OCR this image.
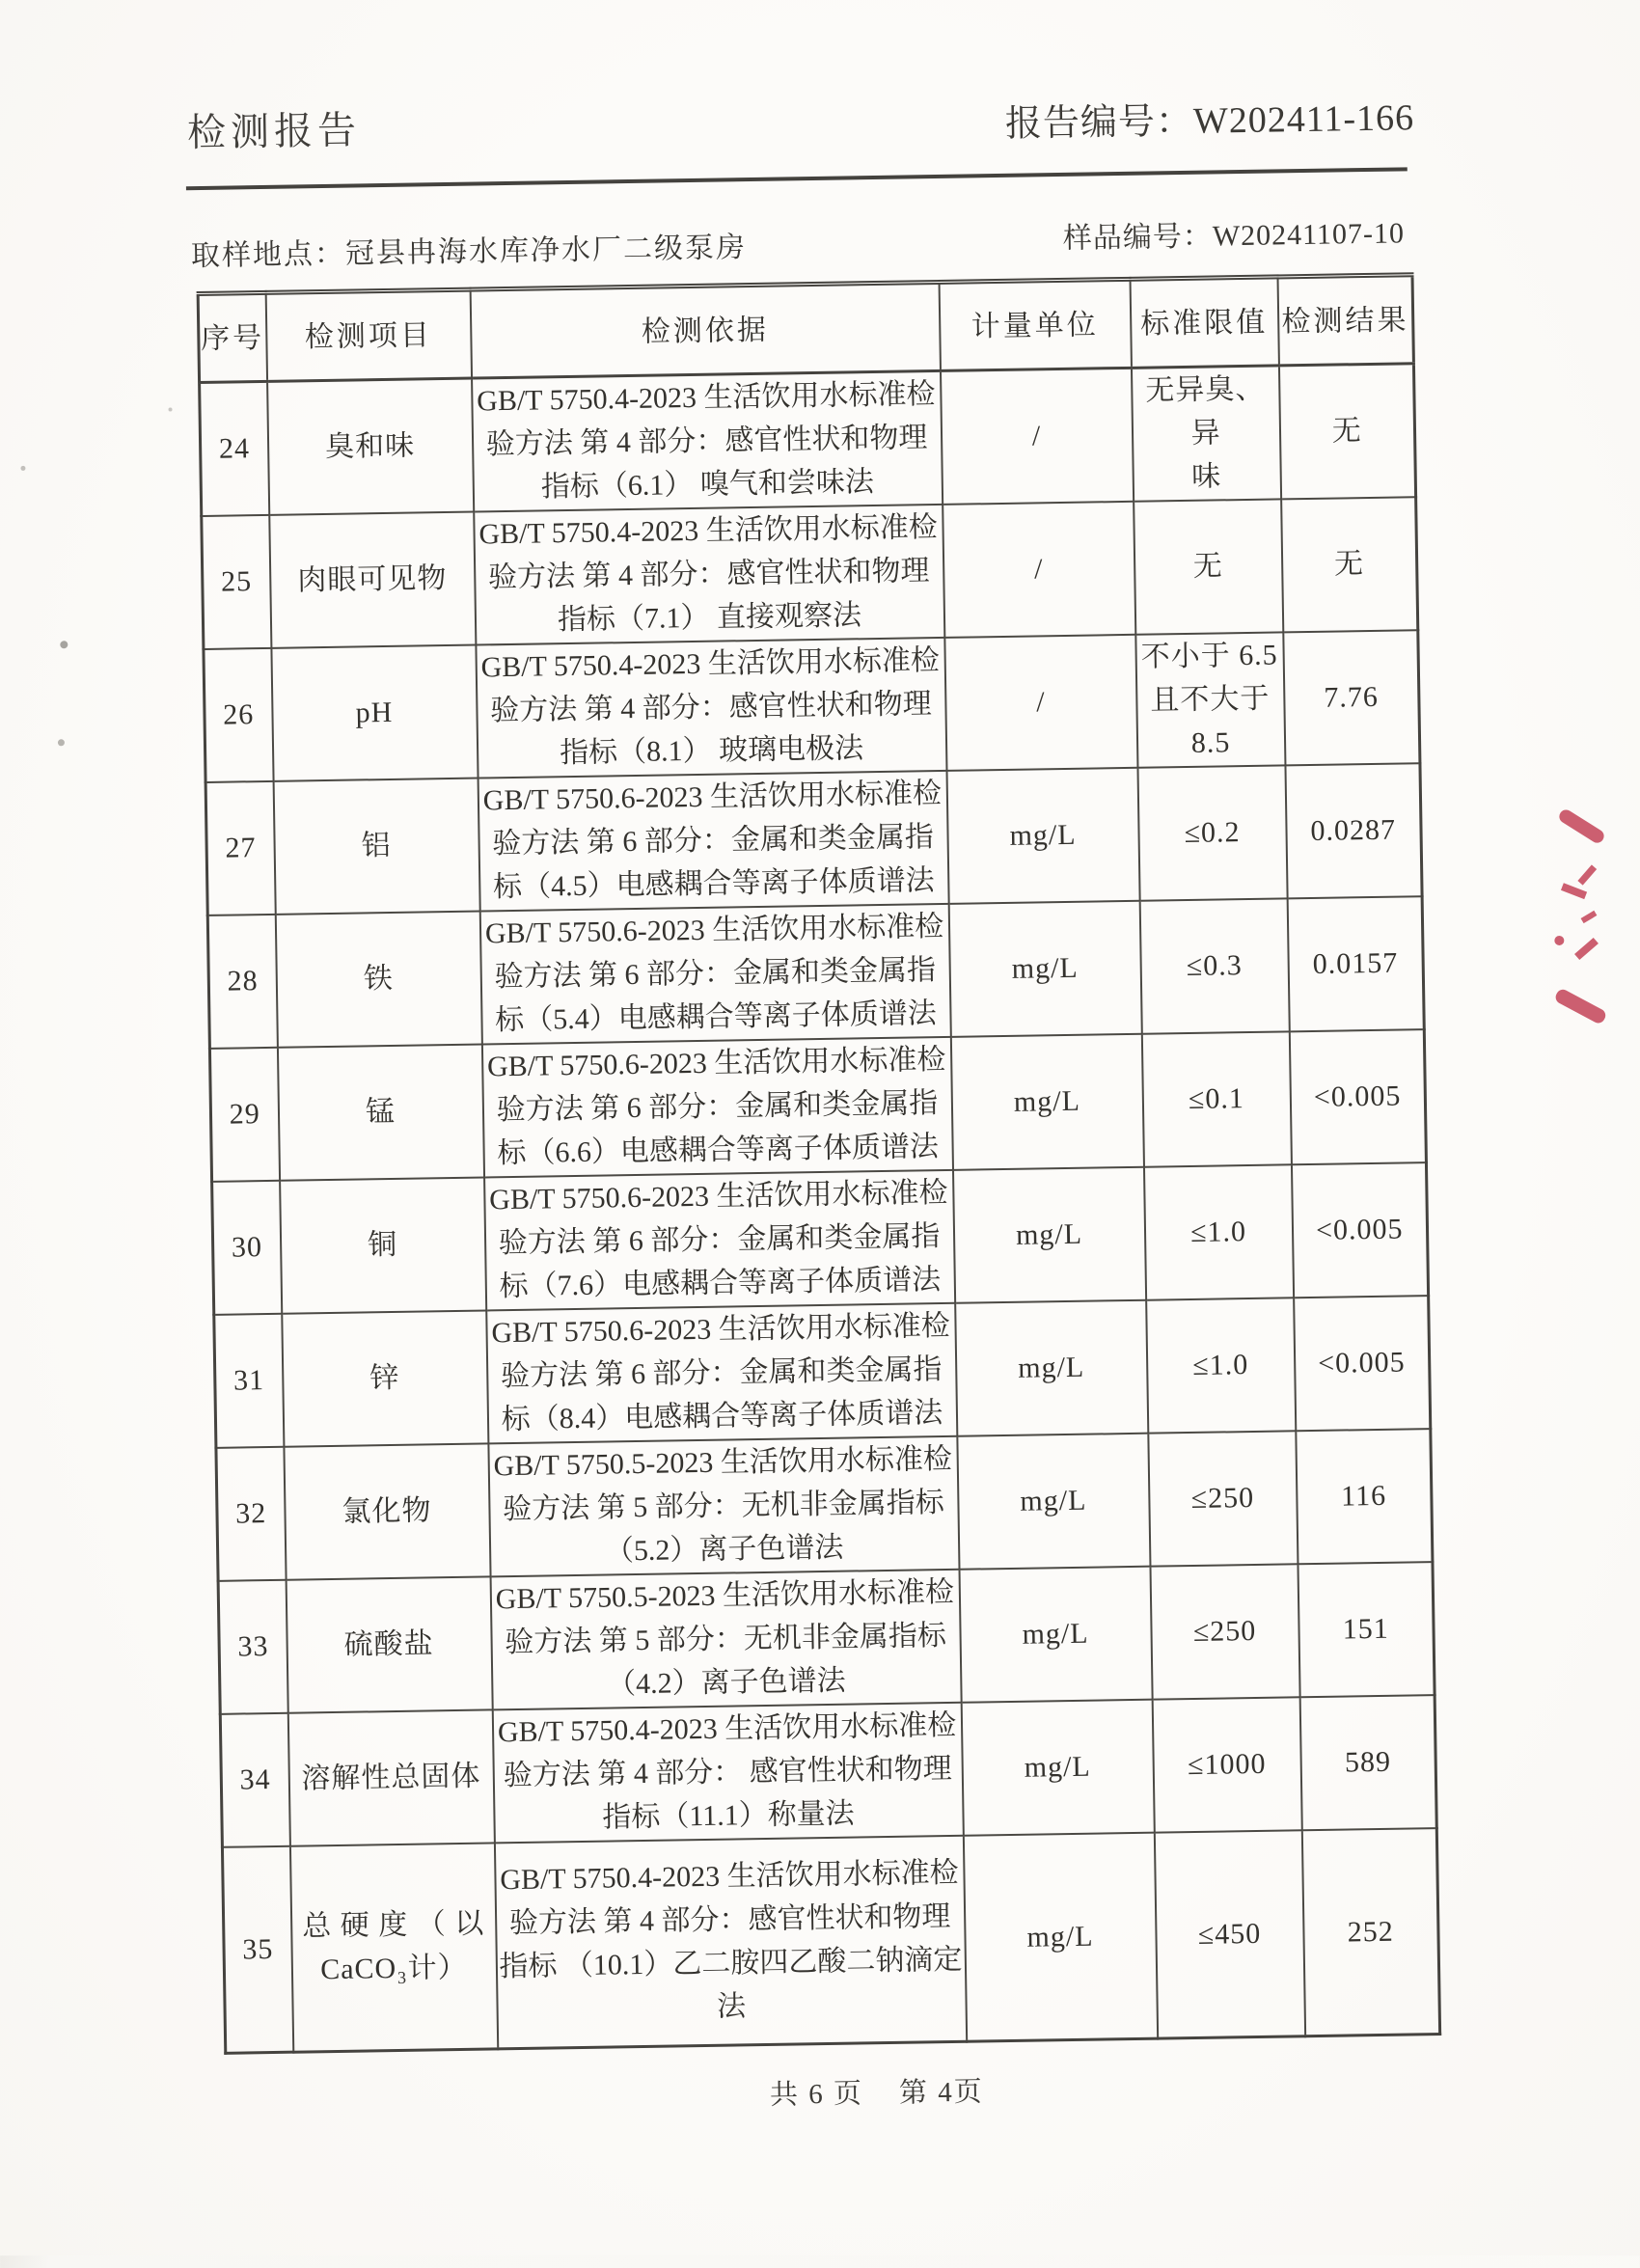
检测报告	报告编号：W202411-166
取样地点：冠县冉海水库净水厂二级泵房	样品编号：W20241107-10
序号	检测项目	检测依据	计量单位	标准限值	检测结果
24	臭和味	GB/T 5750.4-2023 生活饮用水标准检
验方法 第 4 部分：感官性状和物理
指标（6.1） 嗅气和尝味法	/	无异臭、异
味	无
25	肉眼可见物	GB/T 5750.4-2023 生活饮用水标准检
验方法 第 4 部分：感官性状和物理
指标（7.1） 直接观察法	/	无	无
26	pH	GB/T 5750.4-2023 生活饮用水标准检
验方法 第 4 部分：感官性状和物理
指标（8.1） 玻璃电极法	/	不小于 6.5
且不大于
8.5	7.76
27	铝	GB/T 5750.6-2023 生活饮用水标准检
验方法 第 6 部分：金属和类金属指
标（4.5）电感耦合等离子体质谱法	mg/L	≤0.2	0.0287
28	铁	GB/T 5750.6-2023 生活饮用水标准检
验方法 第 6 部分：金属和类金属指
标（5.4）电感耦合等离子体质谱法	mg/L	≤0.3	0.0157
29	锰	GB/T 5750.6-2023 生活饮用水标准检
验方法 第 6 部分：金属和类金属指
标（6.6）电感耦合等离子体质谱法	mg/L	≤0.1	<0.005
30	铜	GB/T 5750.6-2023 生活饮用水标准检
验方法 第 6 部分：金属和类金属指
标（7.6）电感耦合等离子体质谱法	mg/L	≤1.0	<0.005
31	锌	GB/T 5750.6-2023 生活饮用水标准检
验方法 第 6 部分：金属和类金属指
标（8.4）电感耦合等离子体质谱法	mg/L	≤1.0	<0.005
32	氯化物	GB/T 5750.5-2023 生活饮用水标准检
验方法 第 5 部分：无机非金属指标
（5.2）离子色谱法	mg/L	≤250	116
33	硫酸盐	GB/T 5750.5-2023 生活饮用水标准检
验方法 第 5 部分：无机非金属指标
（4.2）离子色谱法	mg/L	≤250	151
34	溶解性总固体	GB/T 5750.4-2023 生活饮用水标准检
验方法 第 4 部分： 感官性状和物理
指标（11.1）称量法	mg/L	≤1000	589
35	总 硬 度 （ 以
CaCO₃计）	GB/T 5750.4-2023 生活饮用水标准检
验方法 第 4 部分：感官性状和物理
指标 （10.1）乙二胺四乙酸二钠滴定
法	mg/L	≤450	252
共 6 页    第 4页
